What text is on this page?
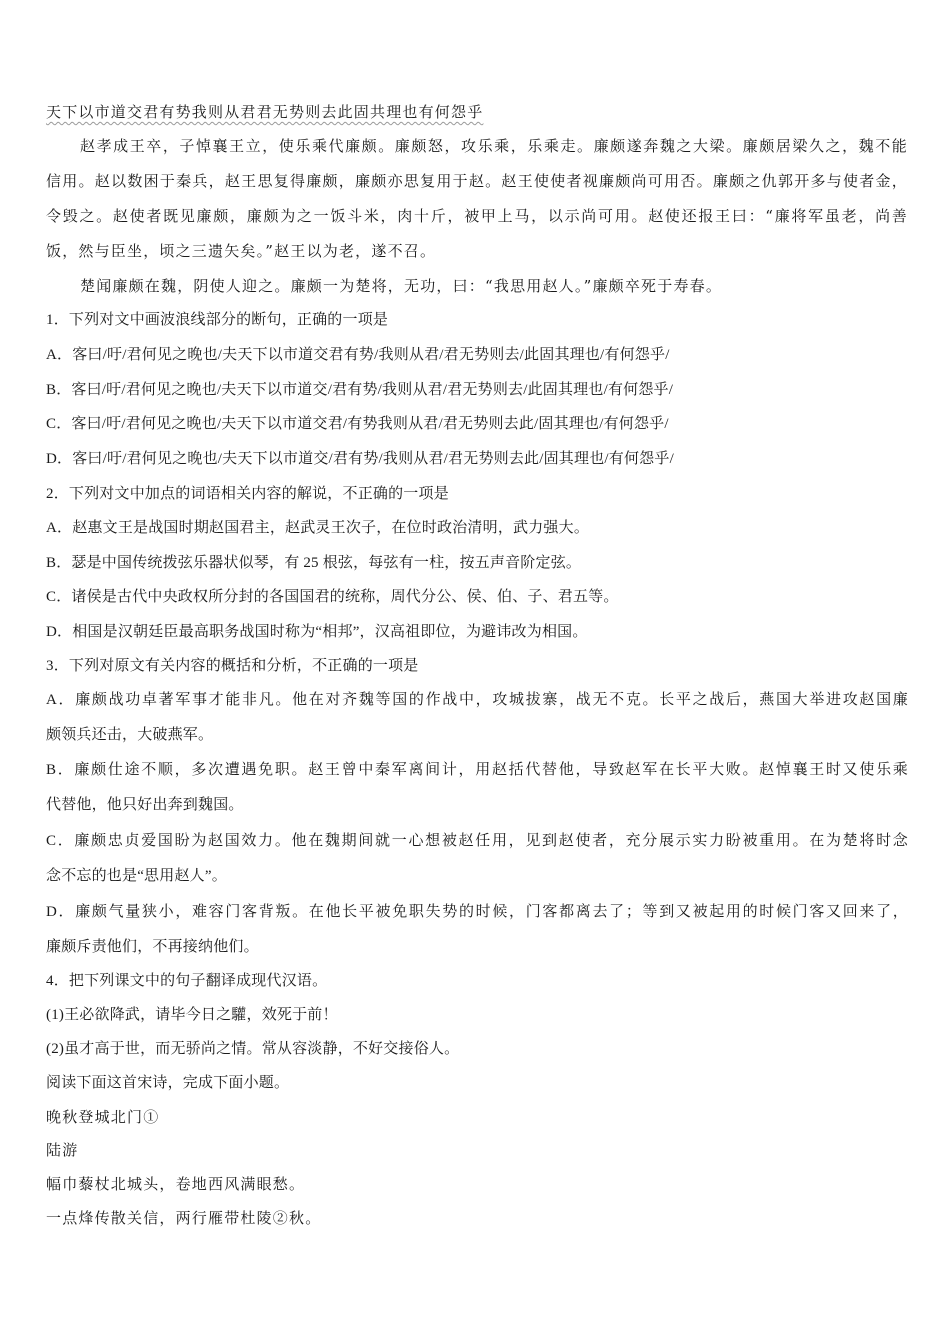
天下以市道交君有势我则从君君无势则去此固共理也有何怨乎
赵孝成王卒，子悼襄王立，使乐乘代廉颇。廉颇怒，攻乐乘，乐乘走。廉颇遂奔魏之大梁。廉颇居梁久之，魏不能
信用。赵以数困于秦兵，赵王思复得廉颇，廉颇亦思复用于赵。赵王使使者视廉颇尚可用否。廉颇之仇郭开多与使者金，
令毁之。赵使者既见廉颇，廉颇为之一饭斗米，肉十斤，被甲上马，以示尚可用。赵使还报王曰：“廉将军虽老，尚善
饭，然与臣坐，顷之三遗矢矣。”赵王以为老，遂不召。
楚闻廉颇在魏，阴使人迎之。廉颇一为楚将，无功，曰：“我思用赵人。”廉颇卒死于寿春。
1．下列对文中画波浪线部分的断句，正确的一项是
A．客曰/吁/君何见之晚也/夫天下以市道交君有势/我则从君/君无势则去/此固其理也/有何怨乎/
B．客曰/吁/君何见之晚也/夫天下以市道交/君有势/我则从君/君无势则去/此固其理也/有何怨乎/
C．客曰/吁/君何见之晚也/夫天下以市道交君/有势我则从君/君无势则去此/固其理也/有何怨乎/
D．客曰/吁/君何见之晚也/夫天下以市道交/君有势/我则从君/君无势则去此/固其理也/有何怨乎/
2．下列对文中加点的词语相关内容的解说，不正确的一项是
A．赵惠文王是战国时期赵国君主，赵武灵王次子，在位时政治清明，武力强大。
B．瑟是中国传统拨弦乐器状似琴，有 25 根弦，每弦有一柱，按五声音阶定弦。
C．诸侯是古代中央政权所分封的各国国君的统称，周代分公、侯、伯、子、君五等。
D．相国是汉朝廷臣最高职务战国时称为“相邦”，汉高祖即位，为避讳改为相国。
3．下列对原文有关内容的概括和分析，不正确的一项是
A．廉颇战功卓著军事才能非凡。他在对齐魏等国的作战中，攻城拔寨，战无不克。长平之战后，燕国大举进攻赵国廉
颇领兵还击，大破燕军。
B．廉颇仕途不顺，多次遭遇免职。赵王曾中秦军离间计，用赵括代替他，导致赵军在长平大败。赵悼襄王时又使乐乘
代替他，他只好出奔到魏国。
C．廉颇忠贞爱国盼为赵国效力。他在魏期间就一心想被赵任用，见到赵使者，充分展示实力盼被重用。在为楚将时念
念不忘的也是“思用赵人”。
D．廉颇气量狭小，难容门客背叛。在他长平被免职失势的时候，门客都离去了；等到又被起用的时候门客又回来了，
廉颇斥责他们，不再接纳他们。
4．把下列课文中的句子翻译成现代汉语。
(1)王必欲降武，请毕今日之驩，效死于前！
(2)虽才高于世，而无骄尚之情。常从容淡静，不好交接俗人。
阅读下面这首宋诗，完成下面小题。
晚秋登城北门①
陆游
幅巾藜杖北城头，卷地西风满眼愁。
一点烽传散关信，两行雁带杜陵②秋。
